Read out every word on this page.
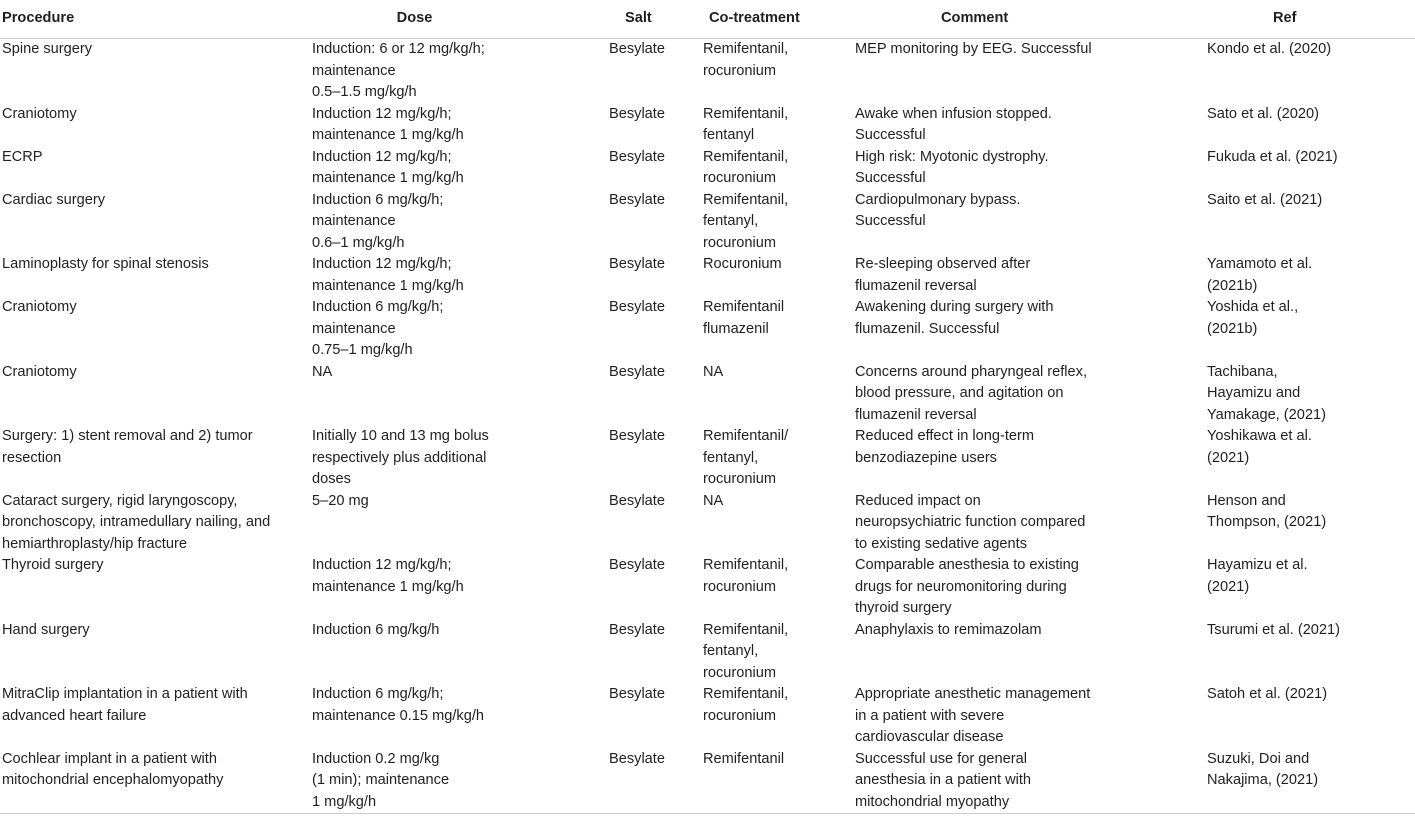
Procedure	Dose	Salt	Co-treatment	Comment	Ref

Spine surgery	Induction: 6 or 12 mg/kg/h;
maintenance
0.5–1.5 mg/kg/h	Besylate	Remifentanil,
rocuronium	MEP monitoring by EEG. Successful	Kondo et al. (2020)

Craniotomy	Induction 12 mg/kg/h;
maintenance 1 mg/kg/h	Besylate	Remifentanil,
fentanyl	Awake when infusion stopped.
Successful	Sato et al. (2020)

ECRP	Induction 12 mg/kg/h;
maintenance 1 mg/kg/h	Besylate	Remifentanil,
rocuronium	High risk: Myotonic dystrophy.
Successful	Fukuda et al. (2021)

Cardiac surgery	Induction 6 mg/kg/h;
maintenance
0.6–1 mg/kg/h	Besylate	Remifentanil,
fentanyl,
rocuronium	Cardiopulmonary bypass.
Successful	Saito et al. (2021)

Laminoplasty for spinal stenosis	Induction 12 mg/kg/h;
maintenance 1 mg/kg/h	Besylate	Rocuronium	Re-sleeping observed after
flumazenil reversal	Yamamoto et al.
(2021b)

Craniotomy	Induction 6 mg/kg/h;
maintenance
0.75–1 mg/kg/h	Besylate	Remifentanil
flumazenil	Awakening during surgery with
flumazenil. Successful	Yoshida et al.,
(2021b)

Craniotomy	NA	Besylate	NA	Concerns around pharyngeal reflex,
blood pressure, and agitation on
flumazenil reversal	Tachibana,
Hayamizu and
Yamakage, (2021)

Surgery: 1) stent removal and 2) tumor
resection	Initially 10 and 13 mg bolus
respectively plus additional
doses	Besylate	Remifentanil/
fentanyl,
rocuronium	Reduced effect in long-term
benzodiazepine users	Yoshikawa et al.
(2021)

Cataract surgery, rigid laryngoscopy,
bronchoscopy, intramedullary nailing, and
hemiarthroplasty/hip fracture	5–20 mg	Besylate	NA	Reduced impact on
neuropsychiatric function compared
to existing sedative agents	Henson and
Thompson, (2021)

Thyroid surgery	Induction 12 mg/kg/h;
maintenance 1 mg/kg/h	Besylate	Remifentanil,
rocuronium	Comparable anesthesia to existing
drugs for neuromonitoring during
thyroid surgery	Hayamizu et al.
(2021)

Hand surgery	Induction 6 mg/kg/h	Besylate	Remifentanil,
fentanyl,
rocuronium	Anaphylaxis to remimazolam	Tsurumi et al. (2021)

MitraClip implantation in a patient with
advanced heart failure	Induction 6 mg/kg/h;
maintenance 0.15 mg/kg/h	Besylate	Remifentanil,
rocuronium	Appropriate anesthetic management
in a patient with severe
cardiovascular disease	Satoh et al. (2021)

Cochlear implant in a patient with
mitochondrial encephalomyopathy	Induction 0.2 mg/kg
(1 min); maintenance
1 mg/kg/h	Besylate	Remifentanil	Successful use for general
anesthesia in a patient with
mitochondrial myopathy	Suzuki, Doi and
Nakajima, (2021)
